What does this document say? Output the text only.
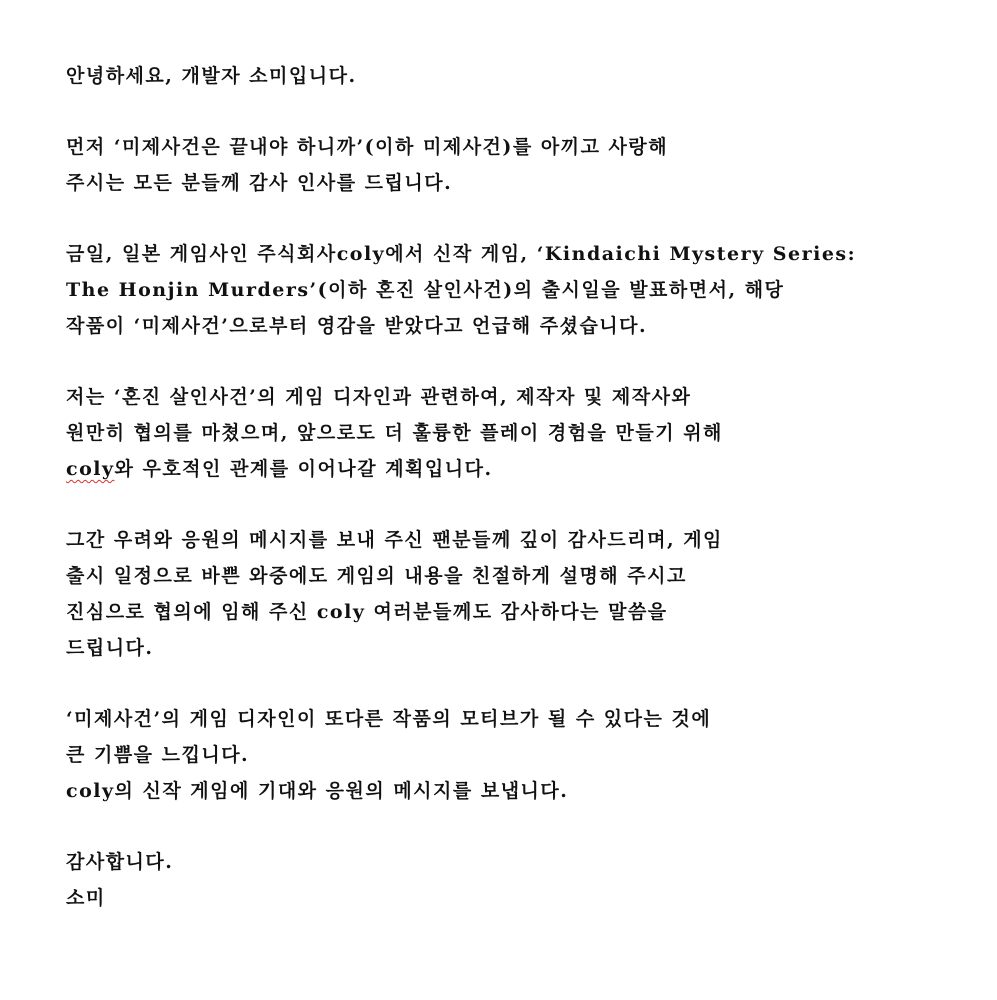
안녕하세요, 개발자 소미입니다.
먼저 ‘미제사건은 끝내야 하니까’(이하 미제사건)를 아끼고 사랑해
주시는 모든 분들께 감사 인사를 드립니다.
금일, 일본 게임사인 주식회사coly에서 신작 게임, ‘Kindaichi Mystery Series:
The Honjin Murders’(이하 혼진 살인사건)의 출시일을 발표하면서, 해당
작품이 ‘미제사건’으로부터 영감을 받았다고 언급해 주셨습니다.
저는 ‘혼진 살인사건’의 게임 디자인과 관련하여, 제작자 및 제작사와
원만히 협의를 마쳤으며, 앞으로도 더 훌륭한 플레이 경험을 만들기 위해
coly와 우호적인 관계를 이어나갈 계획입니다.
그간 우려와 응원의 메시지를 보내 주신 팬분들께 깊이 감사드리며, 게임
출시 일정으로 바쁜 와중에도 게임의 내용을 친절하게 설명해 주시고
진심으로 협의에 임해 주신 coly 여러분들께도 감사하다는 말씀을
드립니다.
‘미제사건’의 게임 디자인이 또다른 작품의 모티브가 될 수 있다는 것에
큰 기쁨을 느낍니다.
coly의 신작 게임에 기대와 응원의 메시지를 보냅니다.
감사합니다.
소미
